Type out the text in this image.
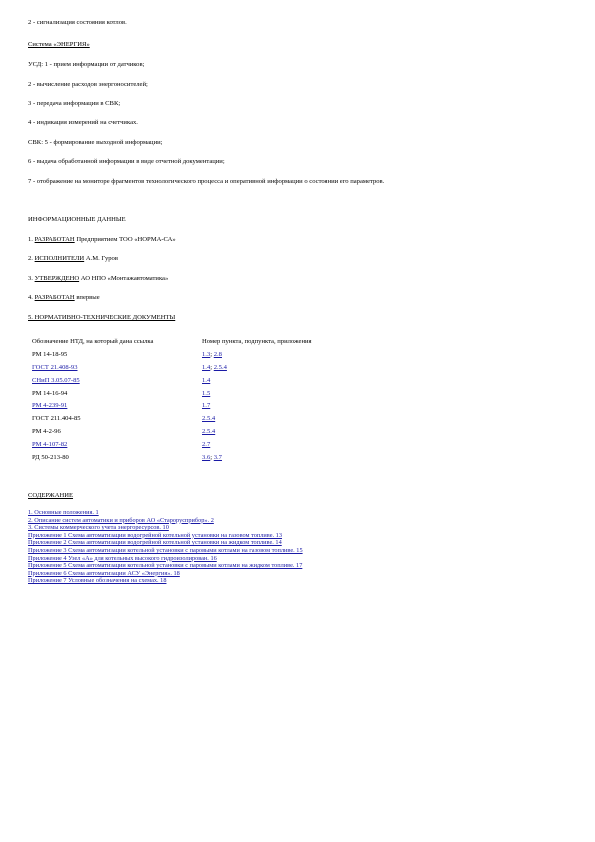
2 - сигнализация состояния котлов.

Система «ЭНЕРГИЯ»

УСД: 1 - прием информации от датчиков;

2 - вычисление расходов энергоносителей;

3 - передача информации в СВК;

4 - индикация измерений на счетчиках.

СВК: 5 - формирование выходной информации;

6 - выдача обработанной информации в виде отчетной документации;

7 - отображение на мониторе фрагментов технологического процесса и оперативной информации о состоянии его параметров.

ИНФОРМАЦИОННЫЕ ДАННЫЕ

1. РАЗРАБОТАН Предприятием ТОО «НОРМА-СА»

2. ИСПОЛНИТЕЛИ А.М. Гуров

3. УТВЕРЖДЕНО АО НПО «Монтажавтоматика»

4. РАЗРАБОТАН впервые

5. НОРМАТИВНО-ТЕХНИЧЕСКИЕ ДОКУМЕНТЫ

Обозначение НТД, на который дана ссылка	Номер пункта, подпункта, приложения
РМ 14-18-95	1.3; 2.8
ГОСТ 21.408-93	1.4; 2.5.4
СНиП 3.05.07-85	1.4
РМ 14-16-94	1.5
РМ 4-239-91	1.7
ГОСТ 211.404-85	2.5.4
РМ 4-2-96	2.5.4
РМ 4-107-82	2.7
РД 50-213-80	3.6; 3.7

СОДЕРЖАНИЕ

1. Основные положения. 1
2. Описание систем автоматики и приборов АО «Старорусприбор». 2
3. Системы коммерческого учета энергоресурсов. 10
Приложение 1 Схема автоматизации водогрейной котельной установки на газовом топливе. 13
Приложение 2 Схема автоматизации водогрейной котельной установки на жидком топливе. 14
Приложение 3 Схема автоматизации котельной установки с паровыми котлами на газовом топливе. 15
Приложение 4 Узел «А» для котельных высокого гидроизолирован. 16
Приложение 5 Схема автоматизации котельной установки с паровыми котлами на жидком топливе. 17
Приложение 6 Схема автоматизации АСУ «Энергия». 18
Приложение 7 Условные обозначения на схемах. 18
